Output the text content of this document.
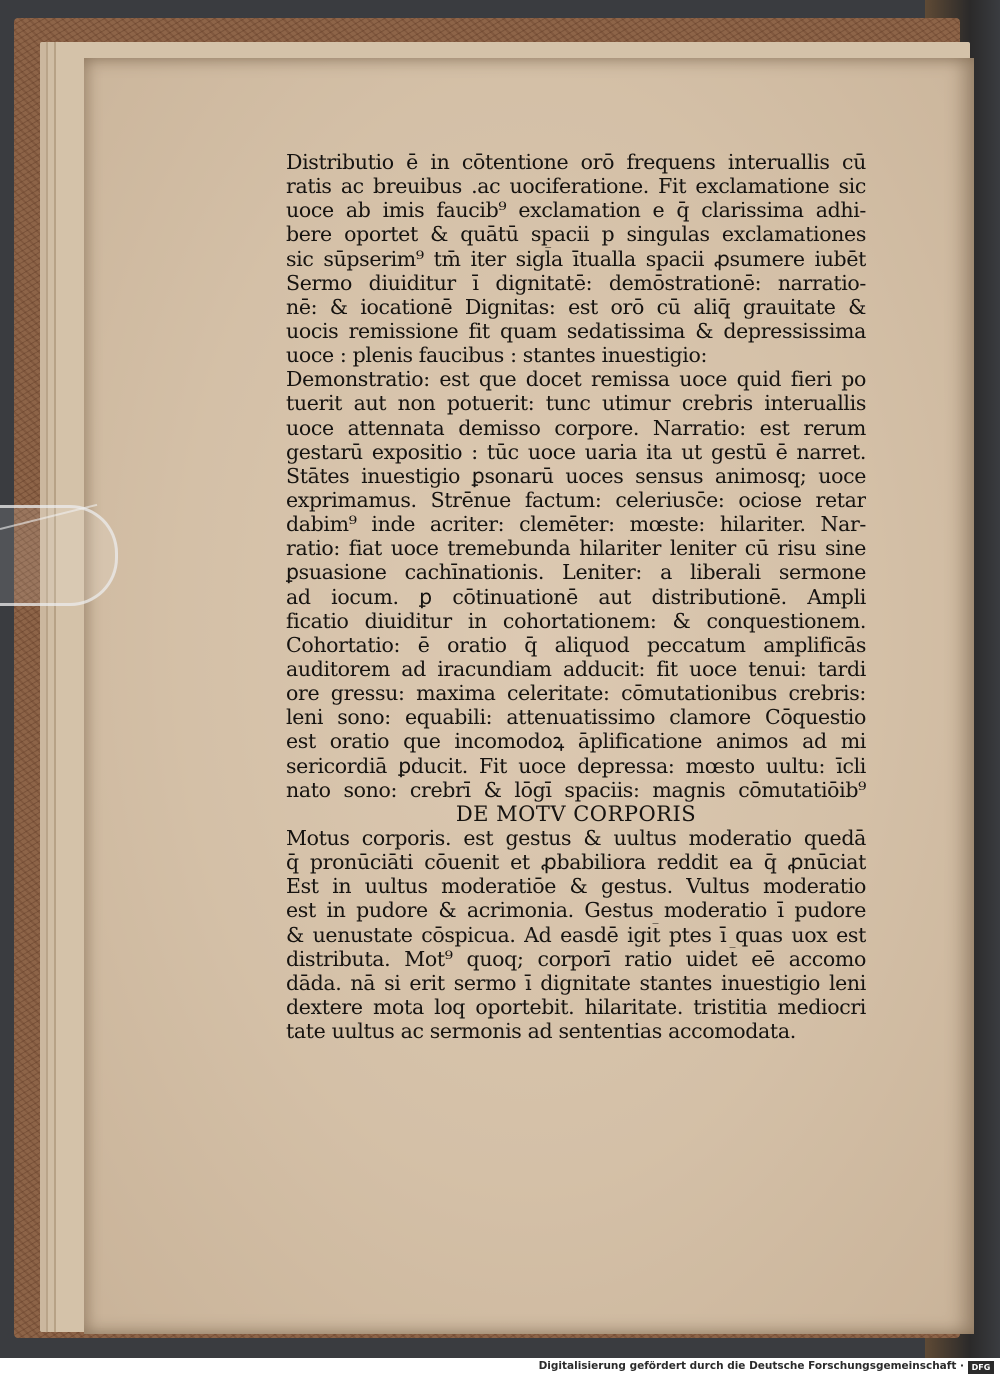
Distributio ē in cōtentione orō frequens interuallis cū
ratis ac breuibus .ac uociferatione. Fit exclamatione sic
uoce ab imis faucib⁹ exclamation e q̄ clarissima adhi-
bere oportet & quātū spacii p singulas exclamationes
sic sūpserim⁹ tm̄ iter sigl̄a ītualla spacii ꝓsumere iubēt
Sermo diuiditur ī dignitatē: demōstrationē: narratio-
nē: & iocationē Dignitas: est orō cū aliq̄ grauitate &
uocis remissione fit quam sedatissima & depressissima
uoce : plenis faucibus : stantes inuestigio:
Demonstratio: est que docet remissa uoce quid fieri po
tuerit aut non potuerit: tunc utimur crebris interuallis
uoce attennata demisso corpore. Narratio: est rerum
gestarū expositio : tūc uoce uaria ita ut gestū ē narret.
Stātes inuestigio ꝑsonarū uoces sensus animosq; uoce
exprimamus. Strēnue factum: celeriusc̄e: ociose retar
dabim⁹ inde acriter: clemēter: mœste: hilariter. Nar-
ratio: fiat uoce tremebunda hilariter leniter cū risu sine
ꝑsuasione cachīnationis. Leniter: a liberali sermone
ad iocum. ꝑ cōtinuationē aut distributionē. Ampli
ficatio diuiditur in cohortationem: & conquestionem.
Cohortatio: ē oratio q̄ aliquod peccatum amplificās
auditorem ad iracundiam adducit: fit uoce tenui: tardi
ore gressu: maxima celeritate: cōmutationibus crebris:
leni sono: equabili: attenuatissimo clamore Cōquestio
est oratio que incomodoꝝ āplificatione animos ad mi
sericordiā ꝑducit. Fit uoce depressa: mœsto uultu: īcli
nato sono: crebrī & lōgī spaciis: magnis cōmutatiōib⁹
DE MOTV CORPORIS
Motus corporis. est gestus & uultus moderatio quedā
q̄ pronūciāti cōuenit et ꝓbabiliora reddit ea q̄ ꝓnūciat
Est in uultus moderatiōe & gestus. Vultus moderatio
est in pudore & acrimonia. Gestus moderatio ī pudore
& uenustate cōspicua. Ad easdē igit̄ ptes ī quas uox est
distributa. Mot⁹ quoq; corporī ratio uidet̄ eē accomo
dāda. nā si erit sermo ī dignitate stantes inuestigio leni
dextere mota loq oportebit. hilaritate. tristitia mediocri
tate uultus ac sermonis ad sententias accomodata.
Digitalisierung gefördert durch die Deutsche Forschungsgemeinschaft · DFG
